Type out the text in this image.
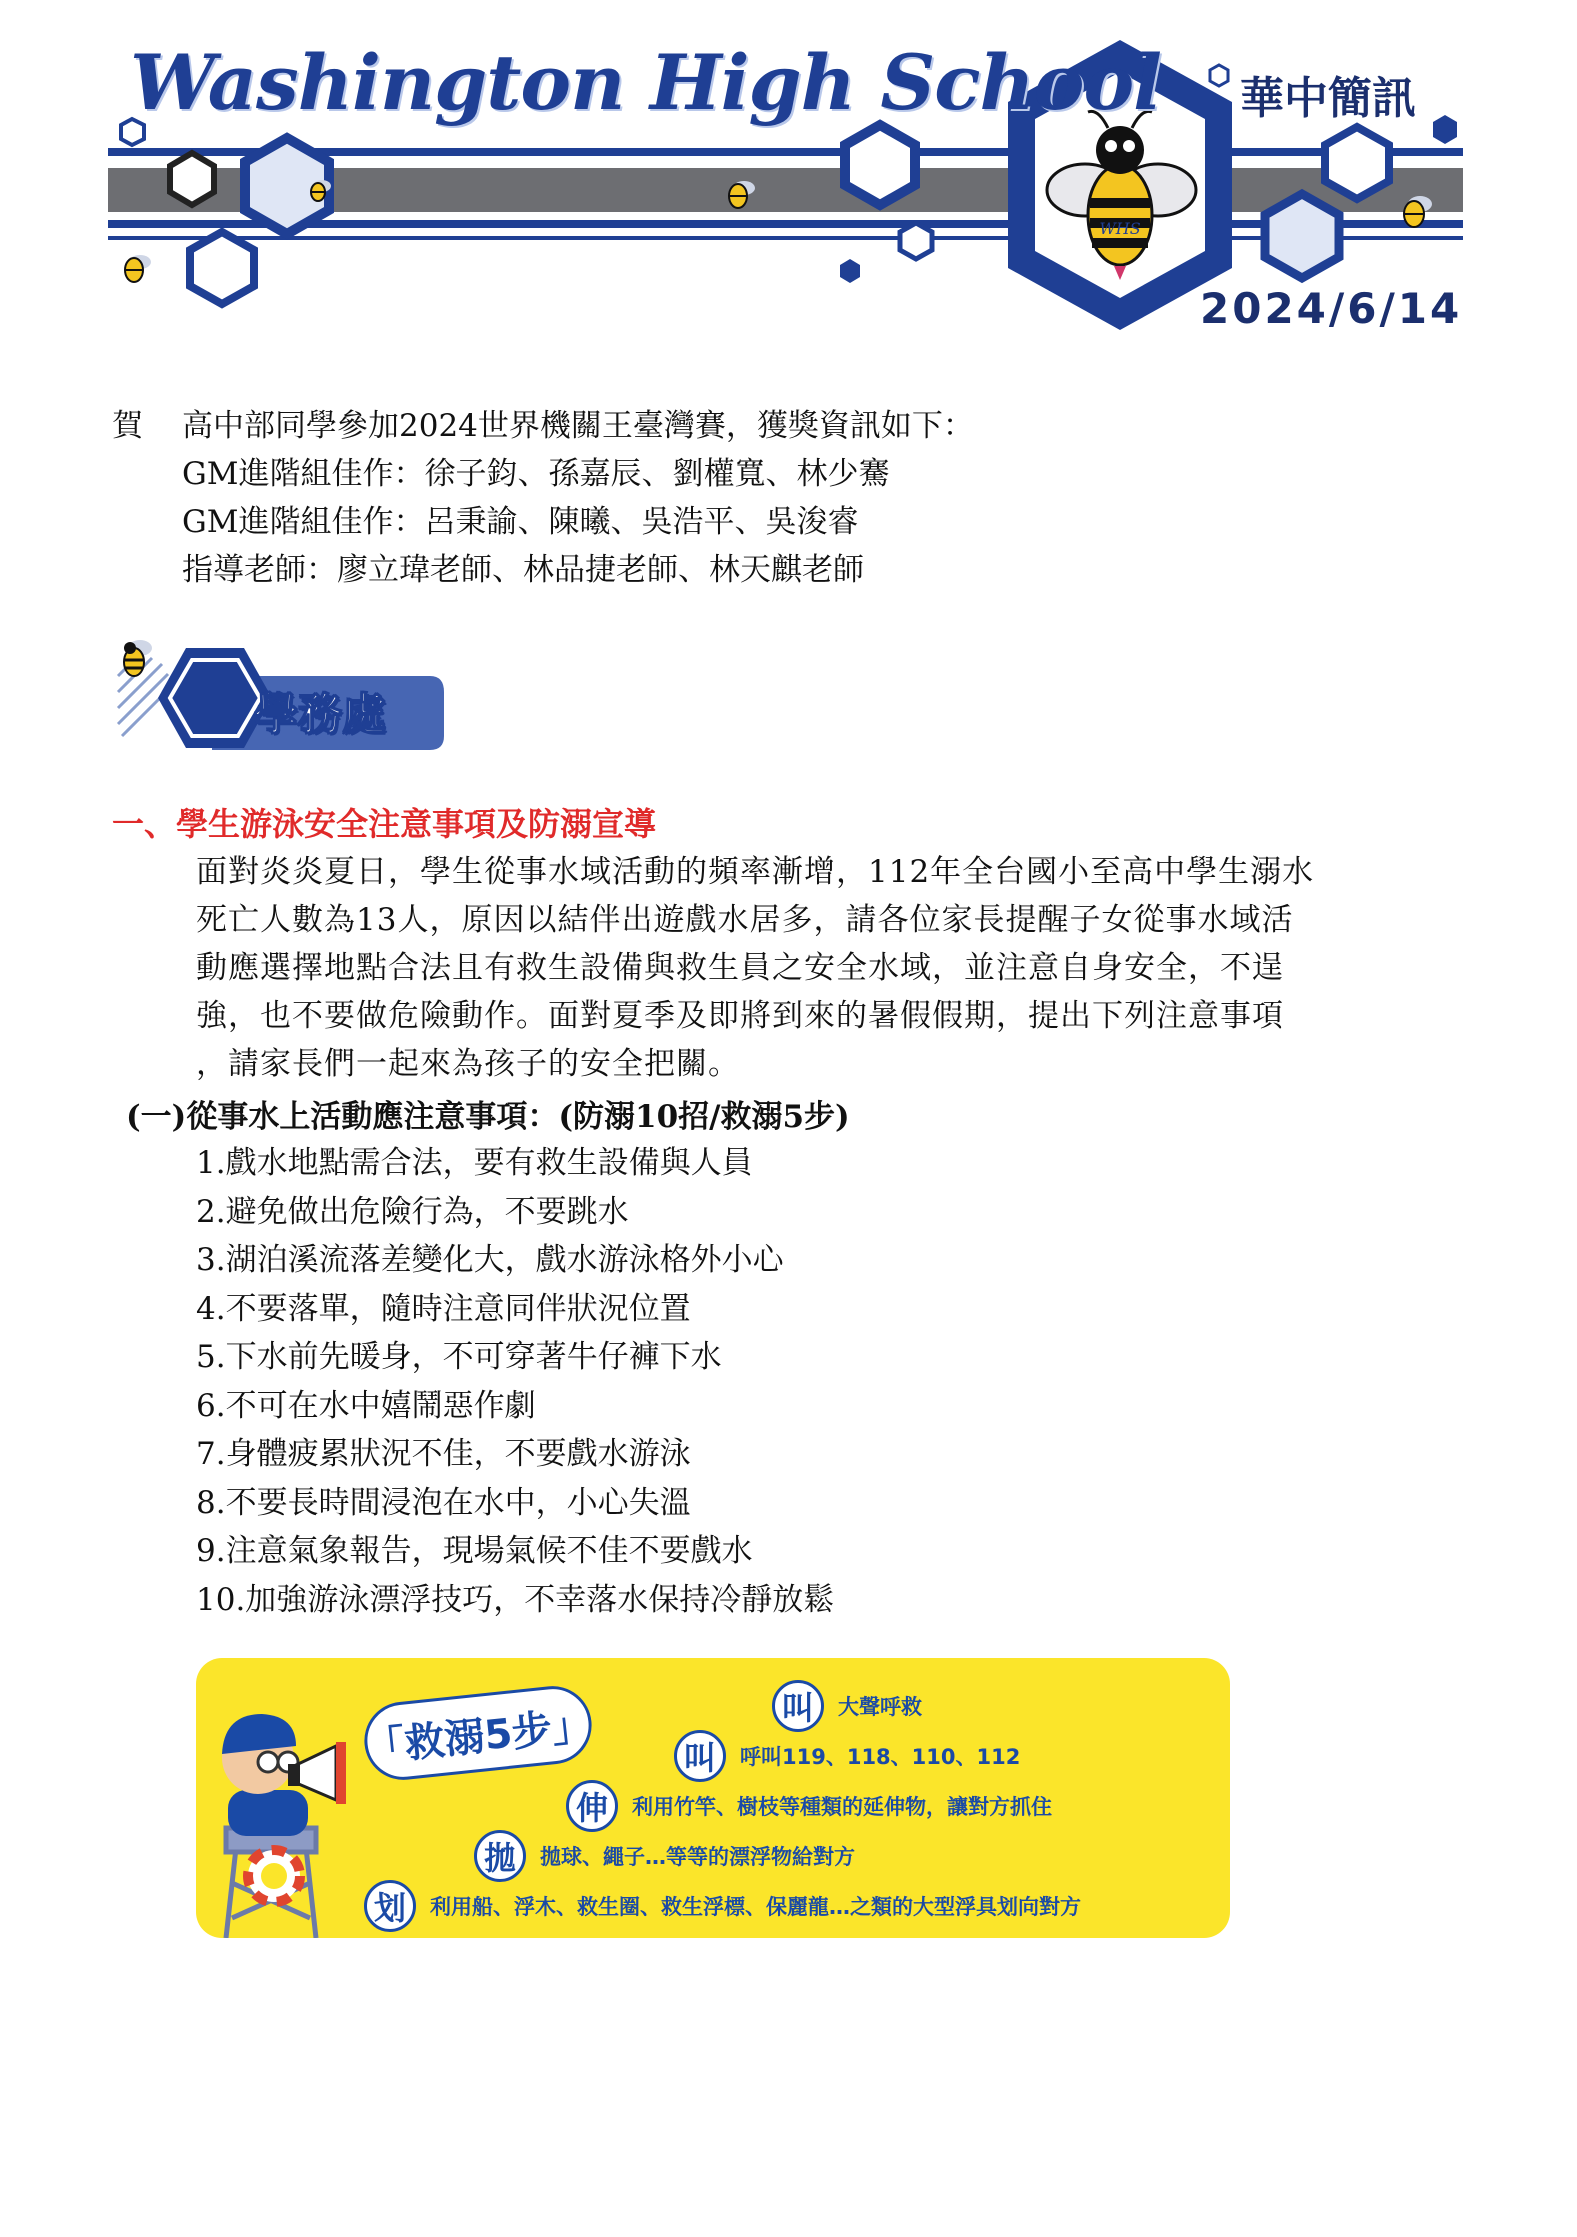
WHS
Washington High School 華中簡訊
2024/6/14
賀 高中部同學參加2024世界機關王臺灣賽，獲獎資訊如下：
GM進階組佳作：徐子鈞、孫嘉辰、劉權寬、林少騫
GM進階組佳作：呂秉諭、陳曦、吳浩平、吳浚睿
指導老師：廖立瑋老師、林品捷老師、林天麒老師
學務處
一、學生游泳安全注意事項及防溺宣導
面對炎炎夏日，學生從事水域活動的頻率漸增，112年全台國小至高中學生溺水
死亡人數為13人，原因以結伴出遊戲水居多，請各位家長提醒子女從事水域活
動應選擇地點合法且有救生設備與救生員之安全水域，並注意自身安全，不逞
強，也不要做危險動作。面對夏季及即將到來的暑假假期，提出下列注意事項
，請家長們一起來為孩子的安全把關。
(一)從事水上活動應注意事項：(防溺10招/救溺5步)
1.戲水地點需合法，要有救生設備與人員
2.避免做出危險行為，不要跳水
3.湖泊溪流落差變化大，戲水游泳格外小心
4.不要落單，隨時注意同伴狀況位置
5.下水前先暖身，不可穿著牛仔褲下水
6.不可在水中嬉鬧惡作劇
7.身體疲累狀況不佳，不要戲水游泳
8.不要長時間浸泡在水中，小心失溫
9.注意氣象報告，現場氣候不佳不要戲水
10.加強游泳漂浮技巧，不幸落水保持冷靜放鬆
「救溺5步」	叫	大聲呼救
叫	呼叫119、118、110、112
伸	利用竹竿、樹枝等種類的延伸物，讓對方抓住
拋	拋球、繩子…等等的漂浮物給對方
划	利用船、浮木、救生圈、救生浮標、保麗龍…之類的大型浮具划向對方
